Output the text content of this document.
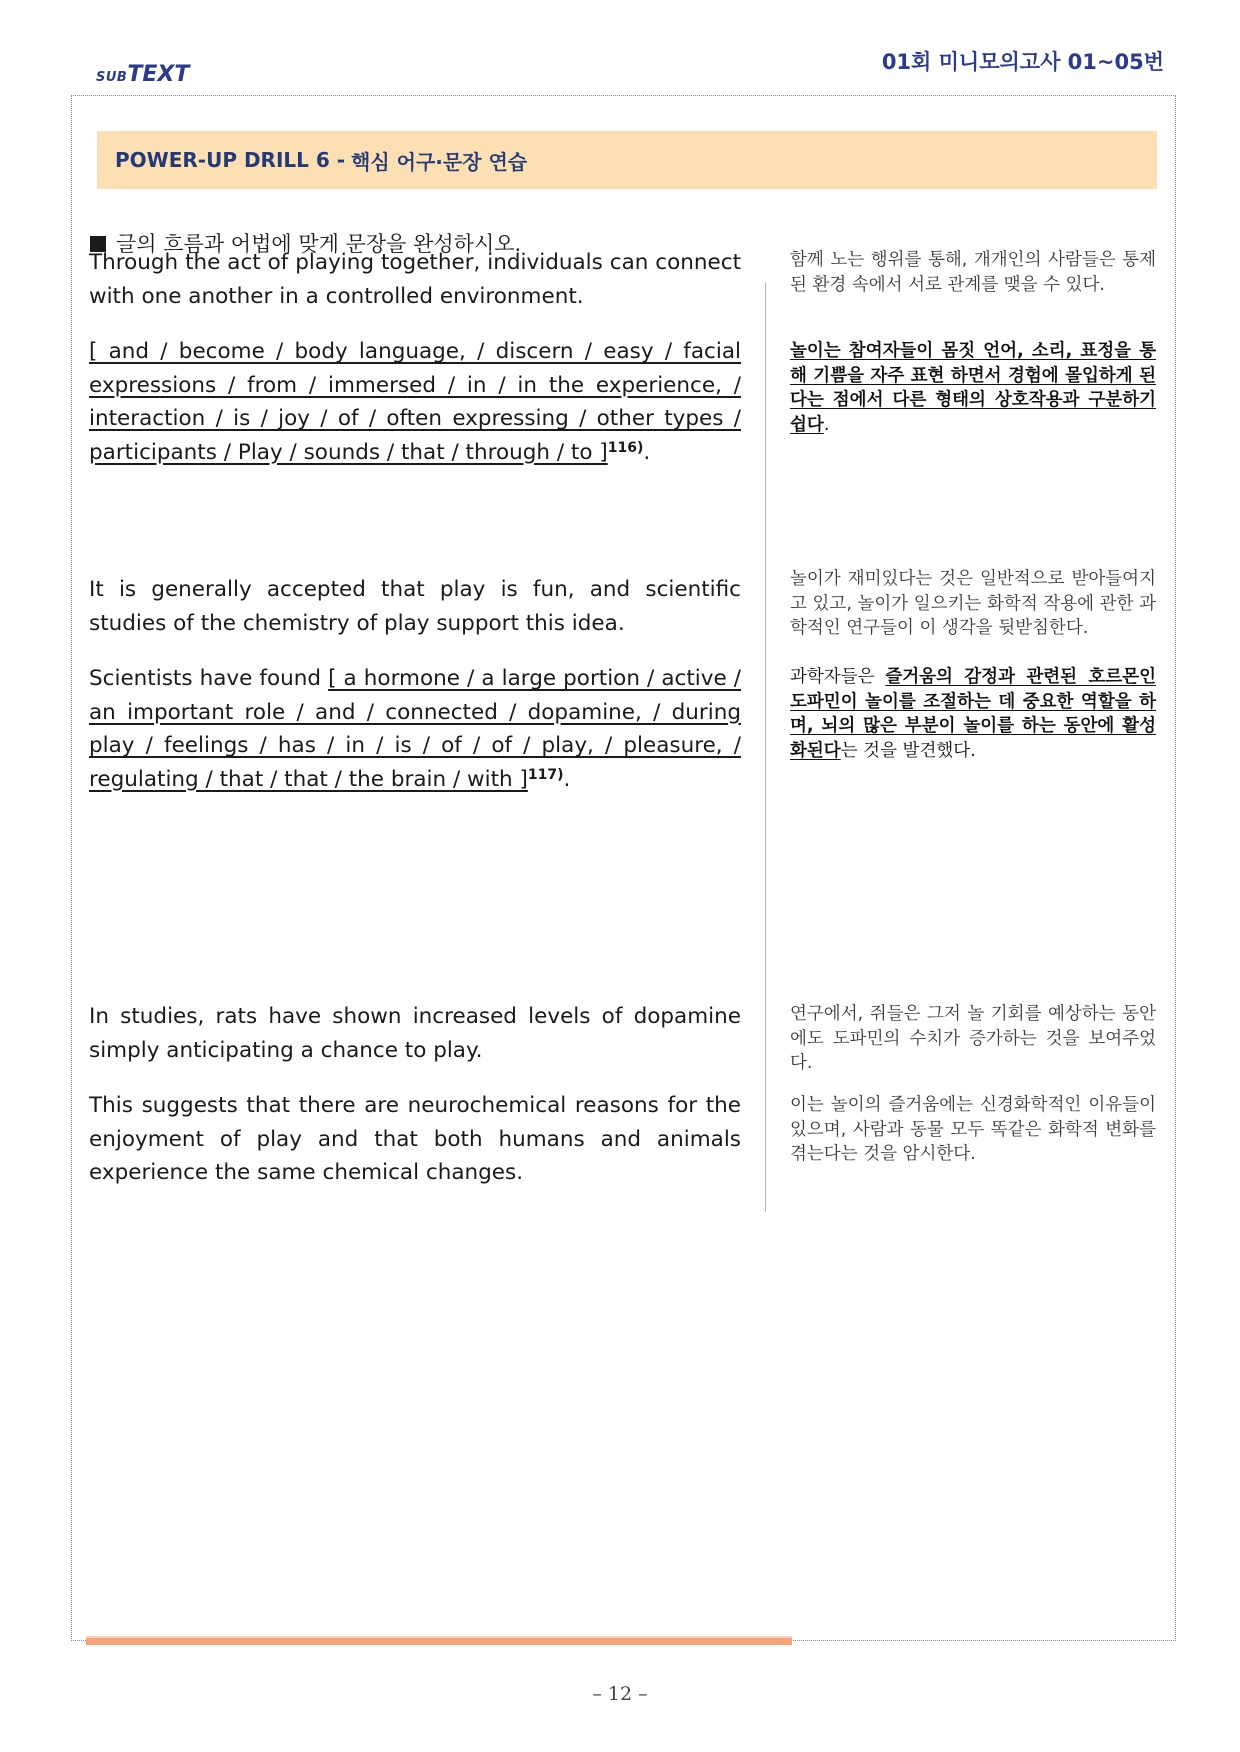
SUBTEXT	01회 미니모의고사 01~05번
POWER-UP DRILL 6 - 핵심 어구·문장 연습
글의 흐름과 어법에 맞게 문장을 완성하시오.
Through the act of playing together, individuals can connect with one another in a controlled environment.
함께 노는 행위를 통해, 개개인의 사람들은 통제된 환경 속에서 서로 관계를 맺을 수 있다.
[ and / become / body language, / discern / easy / facial expressions / from / immersed / in / in the experience, / interaction / is / joy / of / often expressing / other types / participants / Play / sounds / that / through / to ]$^{116)}$.
놀이는 참여자들이 몸짓 언어, 소리, 표정을 통해 기쁨을 자주 표현 하면서 경험에 몰입하게 된다는 점에서 다른 형태의 상호작용과 구분하기 쉽다.
It is generally accepted that play is fun, and scientific studies of the chemistry of play support this idea.
놀이가 재미있다는 것은 일반적으로 받아들여지고 있고, 놀이가 일으키는 화학적 작용에 관한 과학적인 연구들이 이 생각을 뒷받침한다.
Scientists have found [ a hormone / a large portion / active / an important role / and / connected / dopamine, / during play / feelings / has / in / is / of / of / play, / pleasure, / regulating / that / that / the brain / with ]$^{117)}$.
과학자들은 즐거움의 감정과 관련된 호르몬인 도파민이 놀이를 조절하는 데 중요한 역할을 하며, 뇌의 많은 부분이 놀이를 하는 동안에 활성화된다는 것을 발견했다.
In studies, rats have shown increased levels of dopamine simply anticipating a chance to play.
연구에서, 쥐들은 그저 놀 기회를 예상하는 동안에도 도파민의 수치가 증가하는 것을 보여주었다.
This suggests that there are neurochemical reasons for the enjoyment of play and that both humans and animals experience the same chemical changes.
이는 놀이의 즐거움에는 신경화학적인 이유들이 있으며, 사람과 동물 모두 똑같은 화학적 변화를 겪는다는 것을 암시한다.
– 12 –
